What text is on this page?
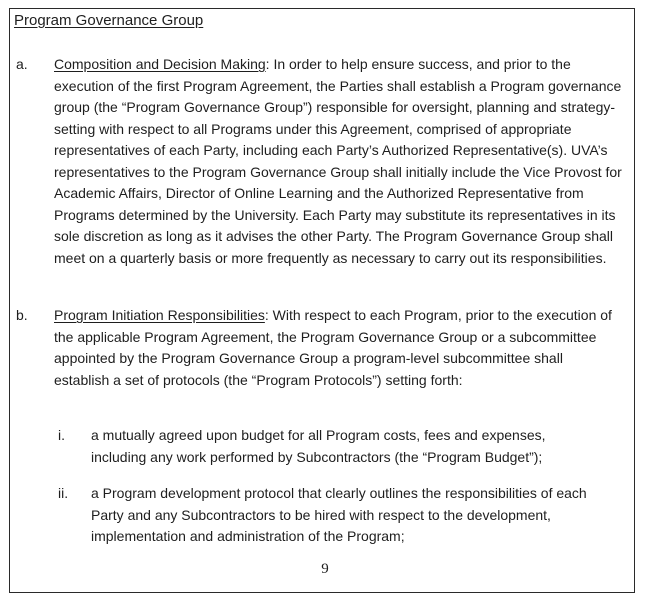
Program Governance Group
a. Composition and Decision Making: In order to help ensure success, and prior to the execution of the first Program Agreement, the Parties shall establish a Program governance group (the “Program Governance Group”) responsible for oversight, planning and strategy-setting with respect to all Programs under this Agreement, comprised of appropriate representatives of each Party, including each Party’s Authorized Representative(s). UVA’s representatives to the Program Governance Group shall initially include the Vice Provost for Academic Affairs, Director of Online Learning and the Authorized Representative from Programs determined by the University. Each Party may substitute its representatives in its sole discretion as long as it advises the other Party. The Program Governance Group shall meet on a quarterly basis or more frequently as necessary to carry out its responsibilities.
b. Program Initiation Responsibilities: With respect to each Program, prior to the execution of the applicable Program Agreement, the Program Governance Group or a subcommittee appointed by the Program Governance Group a program-level subcommittee shall establish a set of protocols (the “Program Protocols”) setting forth:
i. a mutually agreed upon budget for all Program costs, fees and expenses, including any work performed by Subcontractors (the “Program Budget”);
ii. a Program development protocol that clearly outlines the responsibilities of each Party and any Subcontractors to be hired with respect to the development, implementation and administration of the Program;
9
